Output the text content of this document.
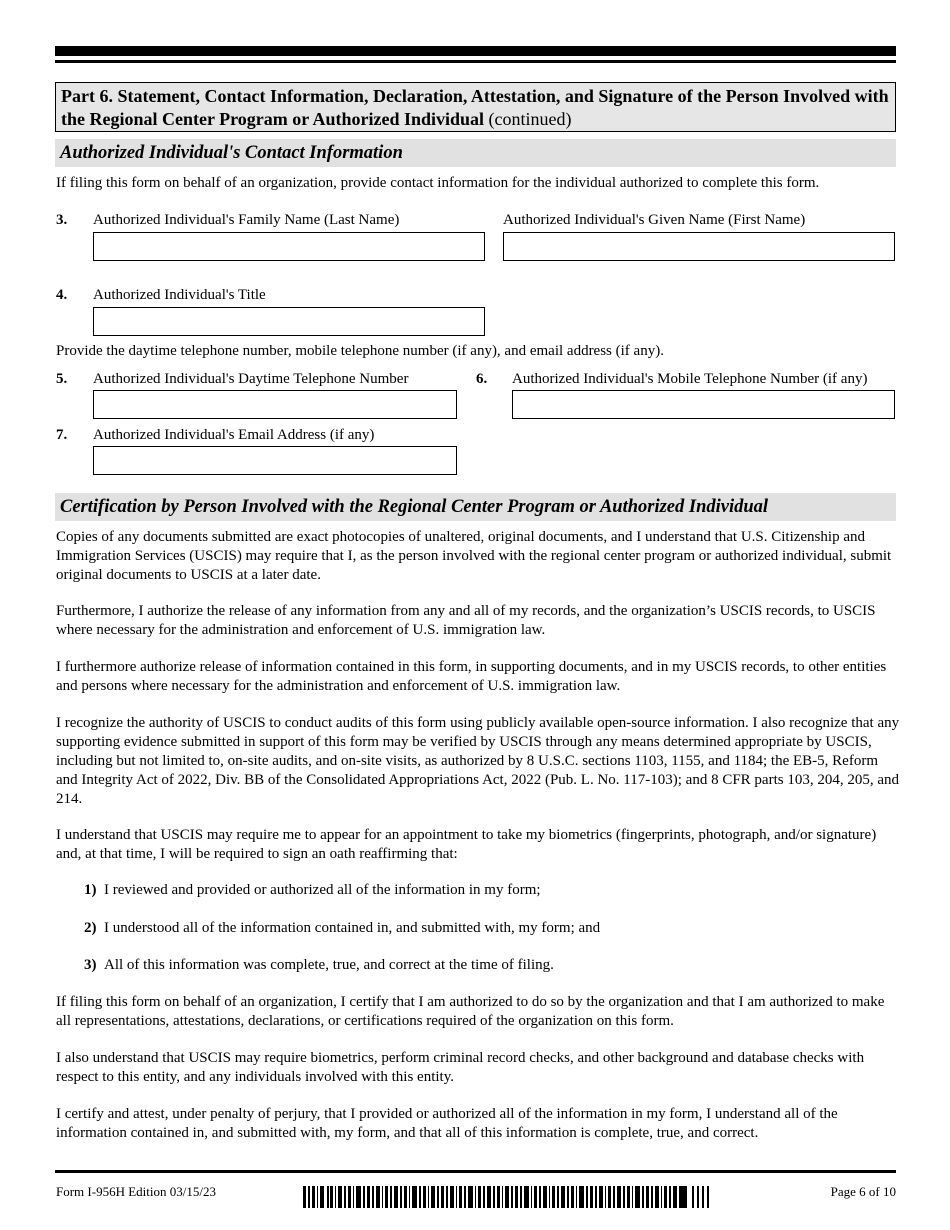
Part 6. Statement, Contact Information, Declaration, Attestation, and Signature of the Person Involved with the Regional Center Program or Authorized Individual (continued)
Authorized Individual's Contact Information
If filing this form on behalf of an organization, provide contact information for the individual authorized to complete this form.
3. Authorized Individual's Family Name (Last Name)	Authorized Individual's Given Name (First Name)
4. Authorized Individual's Title
Provide the daytime telephone number, mobile telephone number (if any), and email address (if any).
5. Authorized Individual's Daytime Telephone Number	6. Authorized Individual's Mobile Telephone Number (if any)
7. Authorized Individual's Email Address (if any)
Certification by Person Involved with the Regional Center Program or Authorized Individual
Copies of any documents submitted are exact photocopies of unaltered, original documents, and I understand that U.S. Citizenship and Immigration Services (USCIS) may require that I, as the person involved with the regional center program or authorized individual, submit original documents to USCIS at a later date.
Furthermore, I authorize the release of any information from any and all of my records, and the organization’s USCIS records, to USCIS where necessary for the administration and enforcement of U.S. immigration law.
I furthermore authorize release of information contained in this form, in supporting documents, and in my USCIS records, to other entities and persons where necessary for the administration and enforcement of U.S. immigration law.
I recognize the authority of USCIS to conduct audits of this form using publicly available open-source information. I also recognize that any supporting evidence submitted in support of this form may be verified by USCIS through any means determined appropriate by USCIS, including but not limited to, on-site audits, and on-site visits, as authorized by 8 U.S.C. sections 1103, 1155, and 1184; the EB-5, Reform and Integrity Act of 2022, Div. BB of the Consolidated Appropriations Act, 2022 (Pub. L. No. 117-103); and 8 CFR parts 103, 204, 205, and 214.
I understand that USCIS may require me to appear for an appointment to take my biometrics (fingerprints, photograph, and/or signature) and, at that time, I will be required to sign an oath reaffirming that:
1) I reviewed and provided or authorized all of the information in my form;
2) I understood all of the information contained in, and submitted with, my form; and
3) All of this information was complete, true, and correct at the time of filing.
If filing this form on behalf of an organization, I certify that I am authorized to do so by the organization and that I am authorized to make all representations, attestations, declarations, or certifications required of the organization on this form.
I also understand that USCIS may require biometrics, perform criminal record checks, and other background and database checks with respect to this entity, and any individuals involved with this entity.
I certify and attest, under penalty of perjury, that I provided or authorized all of the information in my form, I understand all of the information contained in, and submitted with, my form, and that all of this information is complete, true, and correct.
Form I-956H Edition 03/15/23	Page 6 of 10
